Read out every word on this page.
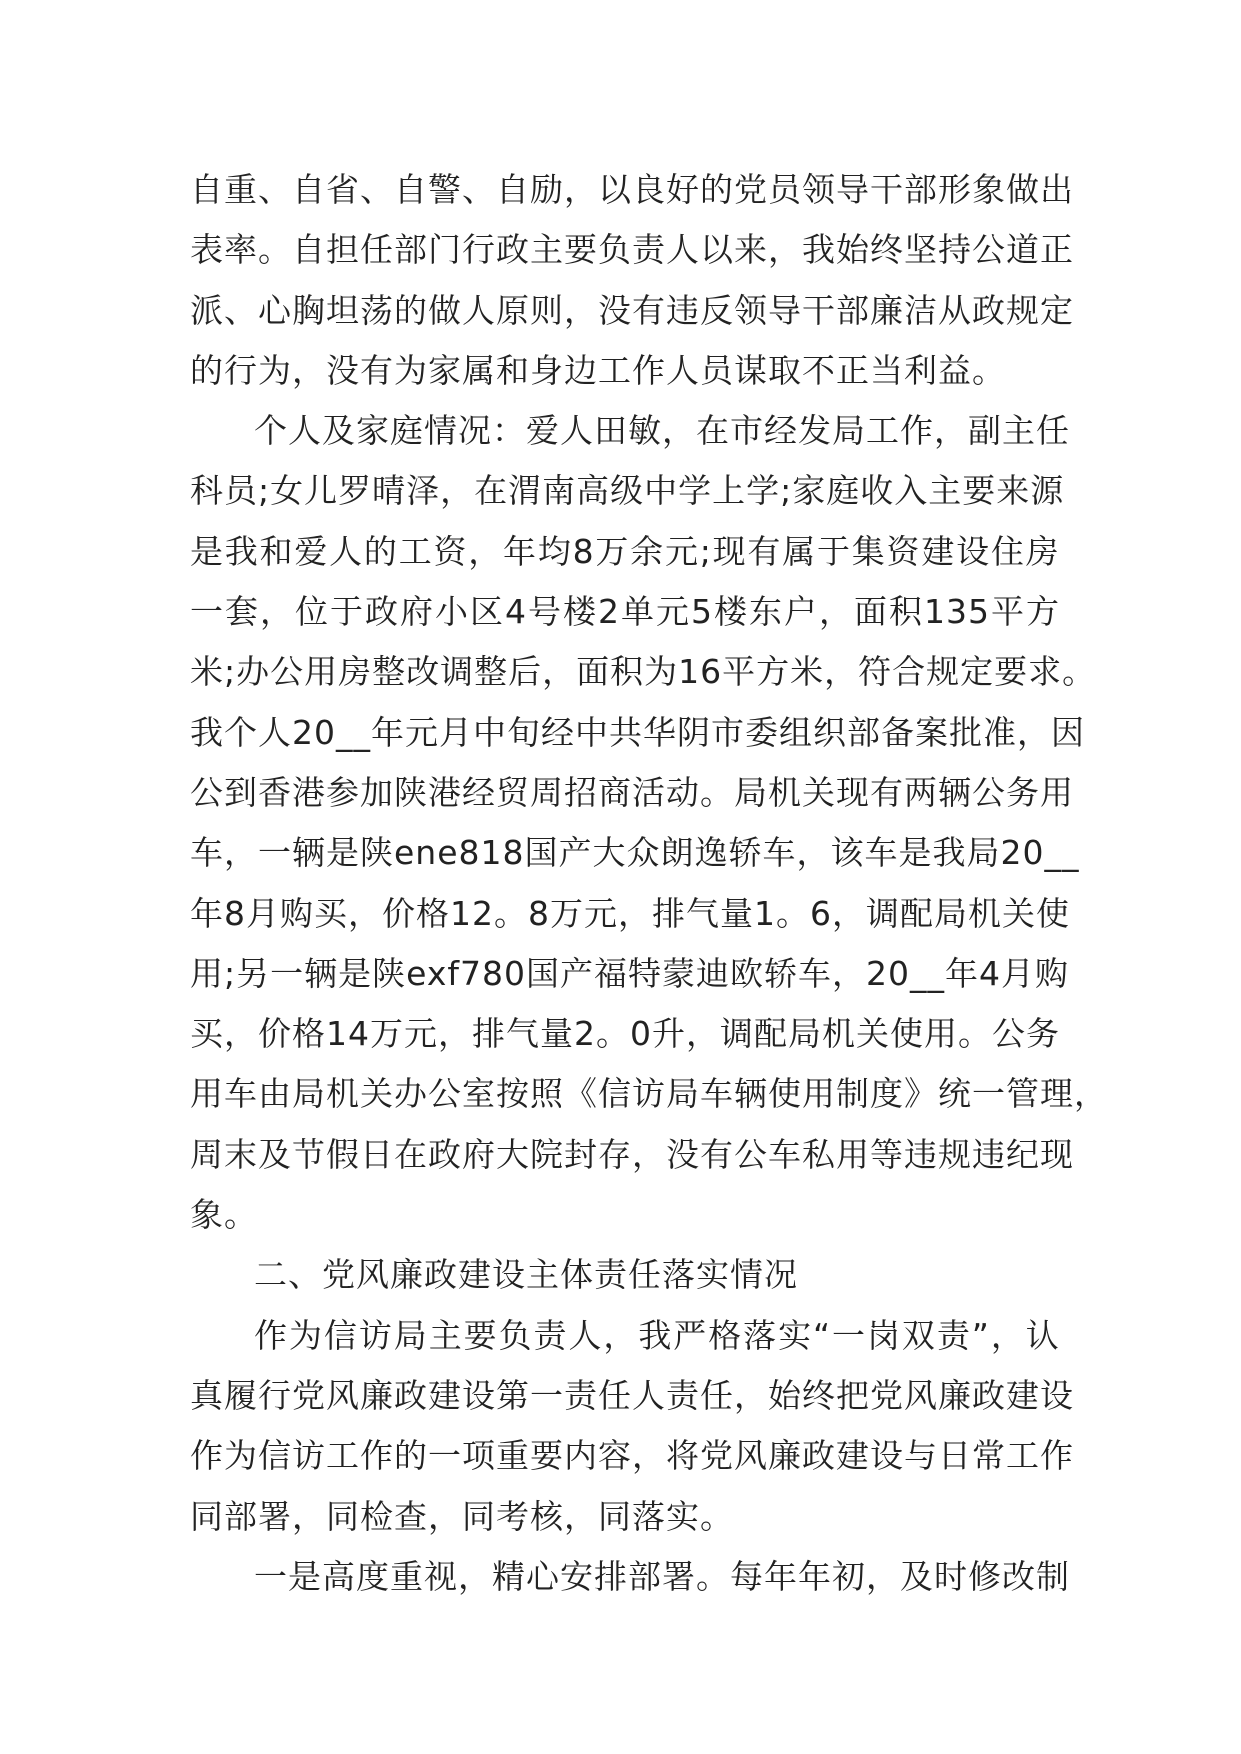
自 重 、 自 省 、 自 警 、 自 励 ， 以 良 好 的 党 员 领 导 干 部 形 象 做 出
表 率 。 自 担 任 部 门 行 政 主 要 负 责 人 以 来 ， 我 始 终 坚 持 公 道 正
派 、 心 胸 坦 荡 的 做 人 原 则 ， 没 有 违 反 领 导 干 部 廉 洁 从 政 规 定
的行为，没有为家属和身边工作人员谋取不正当利益。
个 人 及 家 庭 情 况 ： 爱 人 田 敏 ， 在 市 经 发 局 工 作 ， 副 主 任
科 员 ; 女 儿 罗 晴 泽 ， 在 渭 南 高 级 中 学 上 学 ; 家 庭 收 入 主 要 来 源
是 我 和 爱 人 的 工 资 ， 年 均 8 万 余 元 ; 现 有 属 于 集 资 建 设 住 房
一 套 ， 位 于 政 府 小 区 4 号 楼 2 单 元 5 楼 东 户 ， 面 积 135 平 方
米 ; 办 公 用 房 整 改 调 整 后 ， 面 积 为 16 平 方 米 ， 符 合 规 定 要 求 。
我 个 人 20__ 年 元 月 中 旬 经 中 共 华 阴 市 委 组 织 部 备 案 批 准 ， 因
公 到 香 港 参 加 陕 港 经 贸 周 招 商 活 动 。 局 机 关 现 有 两 辆 公 务 用
车 ， 一 辆 是 陕 ene818 国 产 大 众 朗 逸 轿 车 ， 该 车 是 我 局 20__
年 8 月 购 买 ， 价 格 12 。 8 万 元 ， 排 气 量 1 。 6 ， 调 配 局 机 关 使
用 ; 另 一 辆 是 陕 exf780 国 产 福 特 蒙 迪 欧 轿 车 ， 20__ 年 4 月 购
买 ， 价 格 14 万 元 ， 排 气 量 2 。 0 升 ， 调 配 局 机 关 使 用 。 公 务
用 车 由 局 机 关 办 公 室 按 照 《 信 访 局 车 辆 使 用 制 度 》 统 一 管 理 ，
周 末 及 节 假 日 在 政 府 大 院 封 存 ， 没 有 公 车 私 用 等 违 规 违 纪 现
象。
二、党风廉政建设主体责任落实情况
作 为 信 访 局 主 要 负 责 人 ， 我 严 格 落 实 “ 一 岗 双 责 ” ， 认
真 履 行 党 风 廉 政 建 设 第 一 责 任 人 责 任 ， 始 终 把 党 风 廉 政 建 设
作 为 信 访 工 作 的 一 项 重 要 内 容 ， 将 党 风 廉 政 建 设 与 日 常 工 作
同部署，同检查，同考核，同落实。
一 是 高 度 重 视 ， 精 心 安 排 部 署 。 每 年 年 初 ， 及 时 修 改 制
